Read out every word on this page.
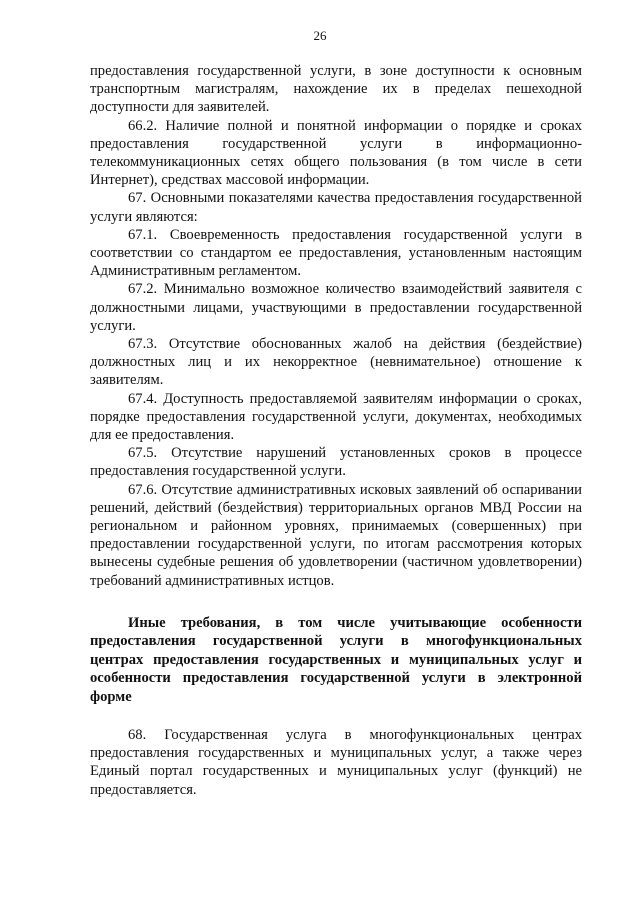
26

предоставления государственной услуги, в зоне доступности к основным транспортным магистралям, нахождение их в пределах пешеходной доступности для заявителей.

66.2. Наличие полной и понятной информации о порядке и сроках предоставления государственной услуги в информационно-телекоммуникационных сетях общего пользования (в том числе в сети Интернет), средствах массовой информации.

67. Основными показателями качества предоставления государственной услуги являются:

67.1. Своевременность предоставления государственной услуги в соответствии со стандартом ее предоставления, установленным настоящим Административным регламентом.

67.2. Минимально возможное количество взаимодействий заявителя с должностными лицами, участвующими в предоставлении государственной услуги.

67.3. Отсутствие обоснованных жалоб на действия (бездействие) должностных лиц и их некорректное (невнимательное) отношение к заявителям.

67.4. Доступность предоставляемой заявителям информации о сроках, порядке предоставления государственной услуги, документах, необходимых для ее предоставления.

67.5. Отсутствие нарушений установленных сроков в процессе предоставления государственной услуги.

67.6. Отсутствие административных исковых заявлений об оспаривании решений, действий (бездействия) территориальных органов МВД России на региональном и районном уровнях, принимаемых (совершенных) при предоставлении государственной услуги, по итогам рассмотрения которых вынесены судебные решения об удовлетворении (частичном удовлетворении) требований административных истцов.

Иные требования, в том числе учитывающие особенности предоставления государственной услуги в многофункциональных центрах предоставления государственных и муниципальных услуг и особенности предоставления государственной услуги в электронной форме

68. Государственная услуга в многофункциональных центрах предоставления государственных и муниципальных услуг, а также через Единый портал государственных и муниципальных услуг (функций) не предоставляется.
